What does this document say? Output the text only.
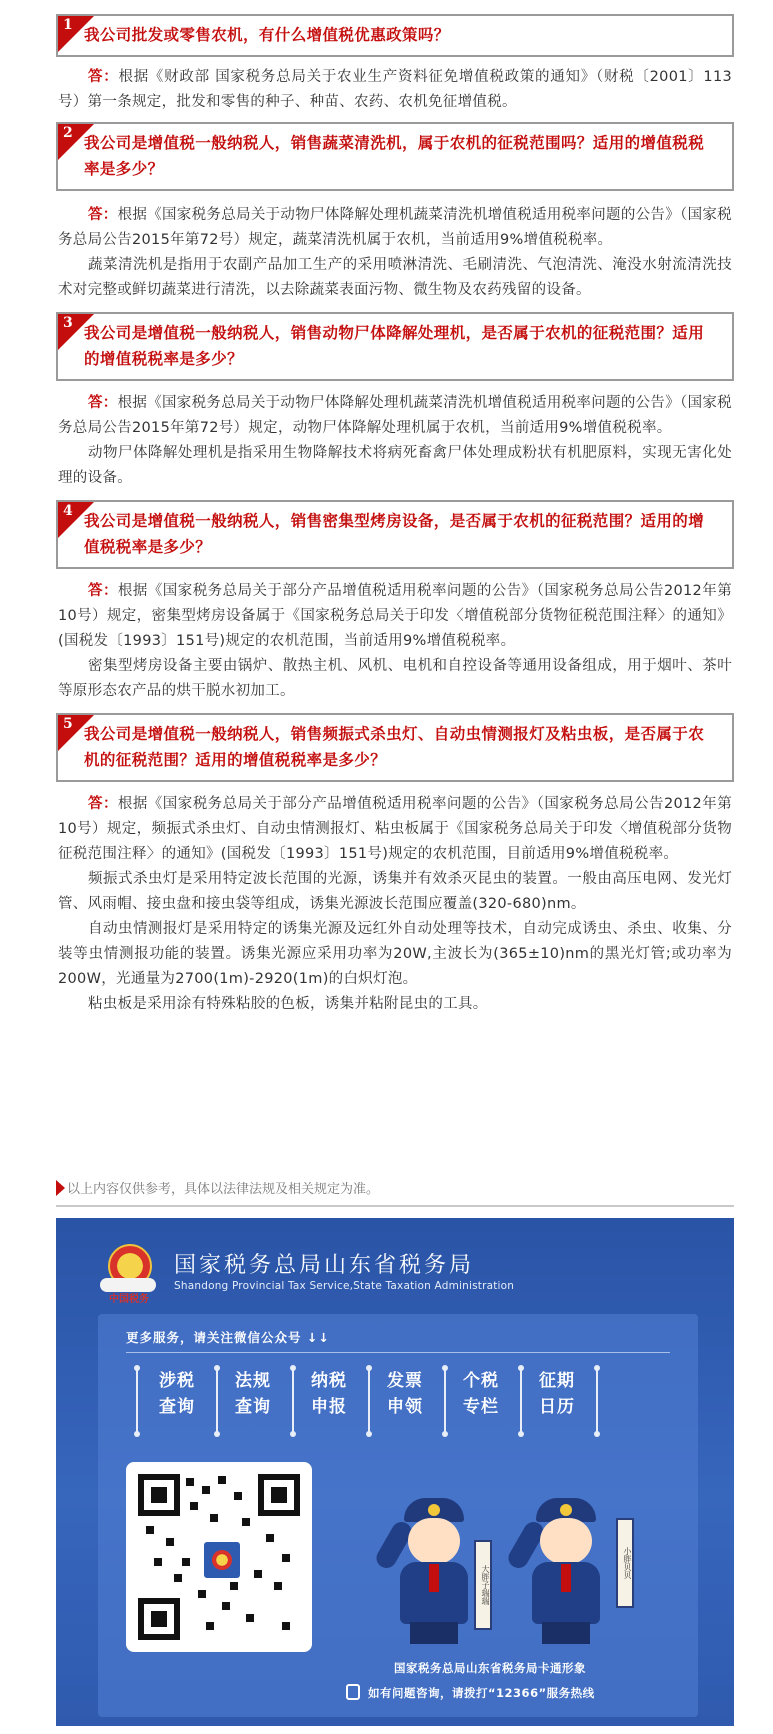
1
我公司批发或零售农机，有什么增值税优惠政策吗？

答：根据《财政部 国家税务总局关于农业生产资料征免增值税政策的通知》（财税〔2001〕113号）第一条规定，批发和零售的种子、种苗、农药、农机免征增值税。

2
我公司是增值税一般纳税人，销售蔬菜清洗机，属于农机的征税范围吗？适用的增值税税率是多少？

答：根据《国家税务总局关于动物尸体降解处理机蔬菜清洗机增值税适用税率问题的公告》（国家税务总局公告2015年第72号）规定，蔬菜清洗机属于农机，当前适用9%增值税税率。

蔬菜清洗机是指用于农副产品加工生产的采用喷淋清洗、毛刷清洗、气泡清洗、淹没水射流清洗技术对完整或鲜切蔬菜进行清洗，以去除蔬菜表面污物、微生物及农药残留的设备。

3
我公司是增值税一般纳税人，销售动物尸体降解处理机，是否属于农机的征税范围？适用的增值税税率是多少？

答：根据《国家税务总局关于动物尸体降解处理机蔬菜清洗机增值税适用税率问题的公告》（国家税务总局公告2015年第72号）规定，动物尸体降解处理机属于农机，当前适用9%增值税税率。

动物尸体降解处理机是指采用生物降解技术将病死畜禽尸体处理成粉状有机肥原料，实现无害化处理的设备。

4
我公司是增值税一般纳税人，销售密集型烤房设备，是否属于农机的征税范围？适用的增值税税率是多少？

答：根据《国家税务总局关于部分产品增值税适用税率问题的公告》（国家税务总局公告2012年第10号）规定，密集型烤房设备属于《国家税务总局关于印发〈增值税部分货物征税范围注释〉的通知》(国税发〔1993〕151号)规定的农机范围，当前适用9%增值税税率。

密集型烤房设备主要由锅炉、散热主机、风机、电机和自控设备等通用设备组成，用于烟叶、茶叶等原形态农产品的烘干脱水初加工。

5
我公司是增值税一般纳税人，销售频振式杀虫灯、自动虫情测报灯及粘虫板，是否属于农机的征税范围？适用的增值税税率是多少？

答：根据《国家税务总局关于部分产品增值税适用税率问题的公告》（国家税务总局公告2012年第10号）规定，频振式杀虫灯、自动虫情测报灯、粘虫板属于《国家税务总局关于印发〈增值税部分货物征税范围注释〉的通知》(国税发〔1993〕151号)规定的农机范围，目前适用9%增值税税率。

频振式杀虫灯是采用特定波长范围的光源，诱集并有效杀灭昆虫的装置。一般由高压电网、发光灯管、风雨帽、接虫盘和接虫袋等组成，诱集光源波长范围应覆盖(320-680)nm。

自动虫情测报灯是采用特定的诱集光源及远红外自动处理等技术，自动完成诱虫、杀虫、收集、分装等虫情测报功能的装置。诱集光源应采用功率为20W,主波长为(365±10)nm的黑光灯管;或功率为200W，光通量为2700(1m)-2920(1m)的白炽灯泡。

粘虫板是采用涂有特殊粘胶的色板，诱集并粘附昆虫的工具。

以上内容仅供参考，具体以法律法规及相关规定为准。
中国税务
国家税务总局山东省税务局
Shandong Provincial Tax Service,State Taxation Administration
更多服务，请关注微信公众号 ↓↓
涉税
查询
法规
查询
纳税
申报
发票
申领
个税
专栏
征期
日历
大胖子瑞瑞
小胖贝贝
国家税务总局山东省税务局卡通形象
如有问题咨询，请拨打“12366”服务热线
